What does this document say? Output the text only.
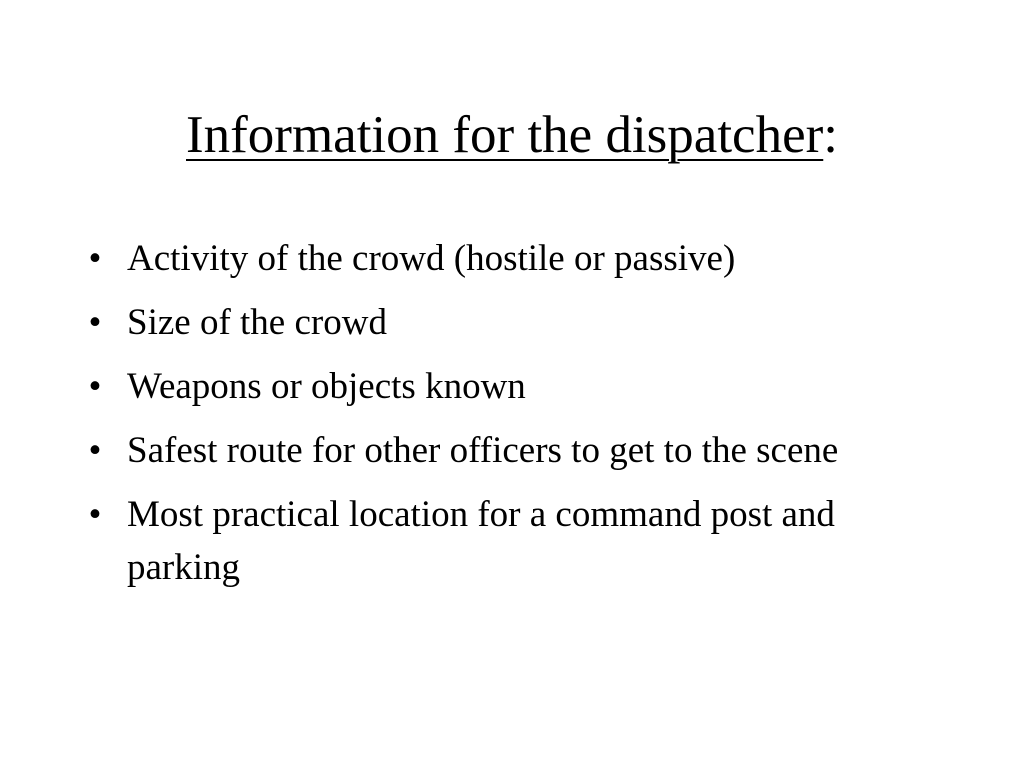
Information for the dispatcher:
• Activity of the crowd (hostile or passive)
• Size of the crowd
• Weapons or objects known
• Safest route for other officers to get to the scene
• Most practical location for a command post and parking
